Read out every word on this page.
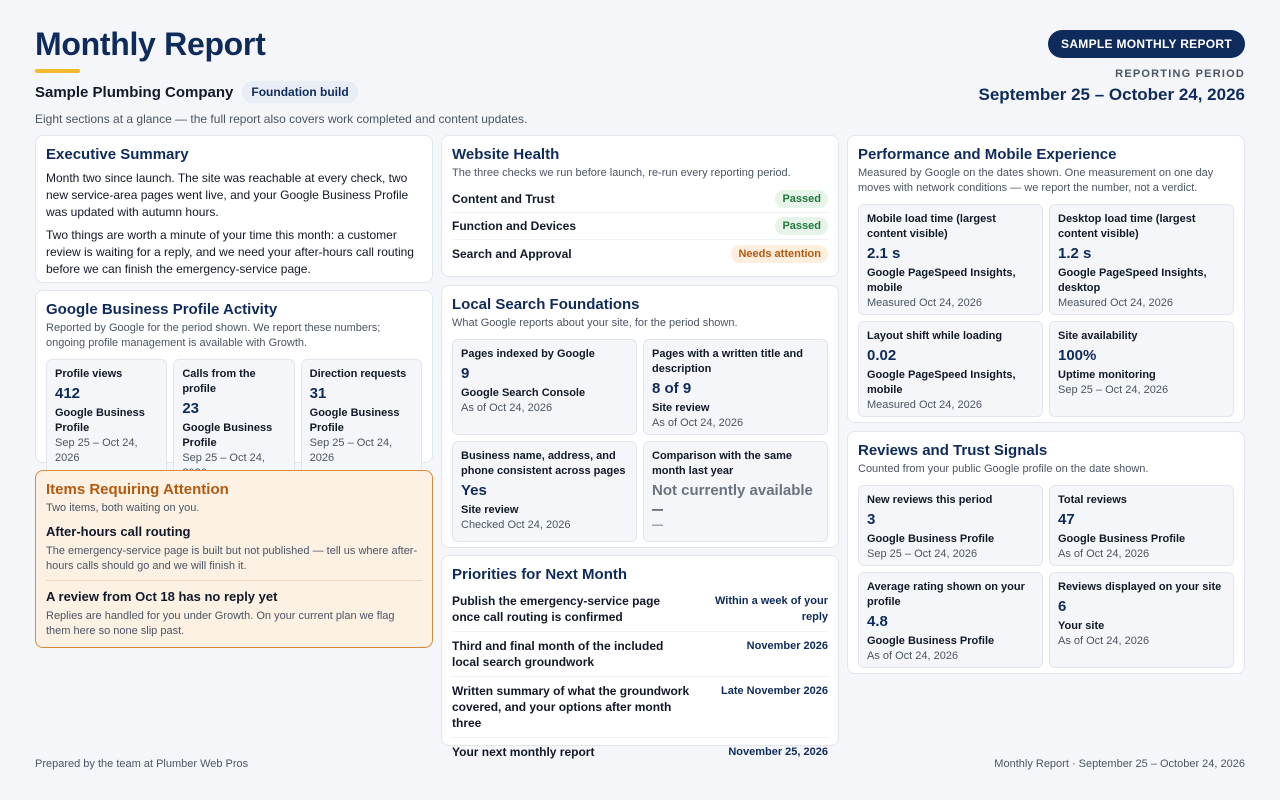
Monthly Report
Sample Plumbing Company	Foundation build
Eight sections at a glance — the full report also covers work completed and content updates.
SAMPLE MONTHLY REPORT
REPORTING PERIOD
September 25 – October 24, 2026
Executive Summary

Month two since launch. The site was reachable at every check, two new service-area pages went live, and your Google Business Profile was updated with autumn hours.

Two things are worth a minute of your time this month: a customer review is waiting for a reply, and we need your after-hours call routing before we can finish the emergency-service page.

Google Business Profile Activity
Reported by Google for the period shown. We report these numbers; ongoing profile management is available with Growth.
Profile views
412
Google Business Profile
Sep 25 – Oct 24, 2026
Calls from the profile
23
Google Business Profile
Sep 25 – Oct 24,
Direction requests
31
Google Business Profile
Sep 25 – Oct 24, 2026
Items Requiring Attention
Two items, both waiting on you.
After-hours call routing
The emergency-service page is built but not published — tell us where after-hours calls should go and we will finish it.
A review from Oct 18 has no reply yet
Replies are handled for you under Growth. On your current plan we flag them here so none slip past.
Website Health
The three checks we run before launch, re-run every reporting period.
Content and Trust	Passed
Function and Devices	Passed
Search and Approval	Needs attention
Local Search Foundations
What Google reports about your site, for the period shown.
Pages indexed by Google
9
Google Search Console
As of Oct 24, 2026
Pages with a written title and description
8 of 9
Site review
As of Oct 24, 2026
Business name, address, and phone consistent across pages
Yes
Site review
Checked Oct 24, 2026
Comparison with the same month last year
Not currently available
—
—
Priorities for Next Month
Publish the emergency-service page once call routing is confirmed
Within a week of your reply
Third and final month of the included local search groundwork
November 2026
Written summary of what the groundwork covered, and your options after month three
Late November 2026
Your next monthly report	November 25, 2026
Performance and Mobile Experience
Measured by Google on the dates shown. One measurement on one day moves with network conditions — we report the number, not a verdict.
Mobile load time (largest content visible)
2.1 s
Google PageSpeed Insights, mobile
Measured Oct 24, 2026
Desktop load time (largest content visible)
1.2 s
Google PageSpeed Insights, desktop
Measured Oct 24, 2026
Layout shift while loading
0.02
Google PageSpeed Insights, mobile
Measured Oct 24, 2026
Site availability
100%
Uptime monitoring
Sep 25 – Oct 24, 2026
Reviews and Trust Signals
Counted from your public Google profile on the date shown.
New reviews this period
3
Google Business Profile
Sep 25 – Oct 24, 2026
Total reviews
47
Google Business Profile
As of Oct 24, 2026
Average rating shown on your profile
4.8
Google Business Profile
As of Oct 24, 2026
Reviews displayed on your site
6
Your site
As of Oct 24, 2026
Prepared by the team at Plumber Web Pros	Monthly Report · September 25 – October 24, 2026
